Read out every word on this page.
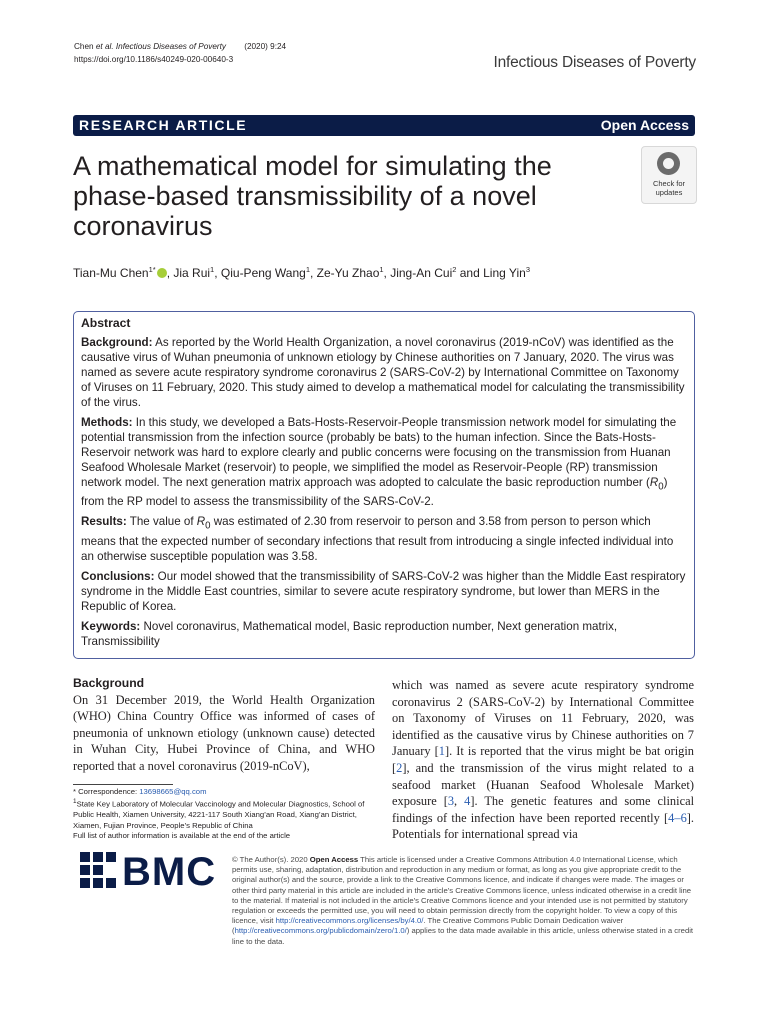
Chen et al. Infectious Diseases of Poverty (2020) 9:24
https://doi.org/10.1186/s40249-020-00640-3	Infectious Diseases of Poverty
RESEARCH ARTICLE	Open Access
A mathematical model for simulating the
phase-based transmissibility of a novel
coronavirus
Check for
updates
Tian-Mu Chen$^{1*}$ , Jia Rui$^1$, Qiu-Peng Wang$^1$, Ze-Yu Zhao$^1$, Jing-An Cui$^2$ and Ling Yin$^3$
Abstract

Background: As reported by the World Health Organization, a novel coronavirus (2019-nCoV) was identified as the causative virus of Wuhan pneumonia of unknown etiology by Chinese authorities on 7 January, 2020. The virus was named as severe acute respiratory syndrome coronavirus 2 (SARS-CoV-2) by International Committee on Taxonomy of Viruses on 11 February, 2020. This study aimed to develop a mathematical model for calculating the transmissibility of the virus.

Methods: In this study, we developed a Bats-Hosts-Reservoir-People transmission network model for simulating the potential transmission from the infection source (probably be bats) to the human infection. Since the Bats-Hosts-Reservoir network was hard to explore clearly and public concerns were focusing on the transmission from Huanan Seafood Wholesale Market (reservoir) to people, we simplified the model as Reservoir-People (RP) transmission network model. The next generation matrix approach was adopted to calculate the basic reproduction number $(R_0)$ from the RP model to assess the transmissibility of the SARS-CoV-2.

Results: The value of $R_0$ was estimated of 2.30 from reservoir to person and 3.58 from person to person which means that the expected number of secondary infections that result from introducing a single infected individual into an otherwise susceptible population was 3.58.

Conclusions: Our model showed that the transmissibility of SARS-CoV-2 was higher than the Middle East respiratory syndrome in the Middle East countries, similar to severe acute respiratory syndrome, but lower than MERS in the Republic of Korea.

Keywords: Novel coronavirus, Mathematical model, Basic reproduction number, Next generation matrix, Transmissibility

Background
On 31 December 2019, the World Health Organization (WHO) China Country Office was informed of cases of pneumonia of unknown etiology (unknown cause) detected in Wuhan City, Hubei Province of China, and WHO reported that a novel coronavirus (2019-nCoV),
which was named as severe acute respiratory syndrome coronavirus 2 (SARS-CoV-2) by International Committee on Taxonomy of Viruses on 11 February, 2020, was identified as the causative virus by Chinese authorities on 7 January [1]. It is reported that the virus might be bat origin [2], and the transmission of the virus might related to a seafood market (Huanan Seafood Wholesale Market) exposure [3, 4]. The genetic features and some clinical findings of the infection have been reported recently [4–6]. Potentials for international spread via

* Correspondence: 13698665@qq.com

$^1$State Key Laboratory of Molecular Vaccinology and Molecular Diagnostics, School of Public Health, Xiamen University, 4221-117 South Xiang’an Road, Xiang’an District, Xiamen, Fujian Province, People’s Republic of China

Full list of author information is available at the end of the article

BMC © The Author(s). 2020 Open Access This article is licensed under a Creative Commons Attribution 4.0 International License, which permits use, sharing, adaptation, distribution and reproduction in any medium or format, as long as you give appropriate credit to the original author(s) and the source, provide a link to the Creative Commons licence, and indicate if changes were made. The images or other third party material in this article are included in the article's Creative Commons licence, unless indicated otherwise in a credit line to the material. If material is not included in the article's Creative Commons licence and your intended use is not permitted by statutory regulation or exceeds the permitted use, you will need to obtain permission directly from the copyright holder. To view a copy of this licence, visit http://creativecommons.org/licenses/by/4.0/. The Creative Commons Public Domain Dedication waiver (http://creativecommons.org/publicdomain/zero/1.0/) applies to the data made available in this article, unless otherwise stated in a credit line to the data.
